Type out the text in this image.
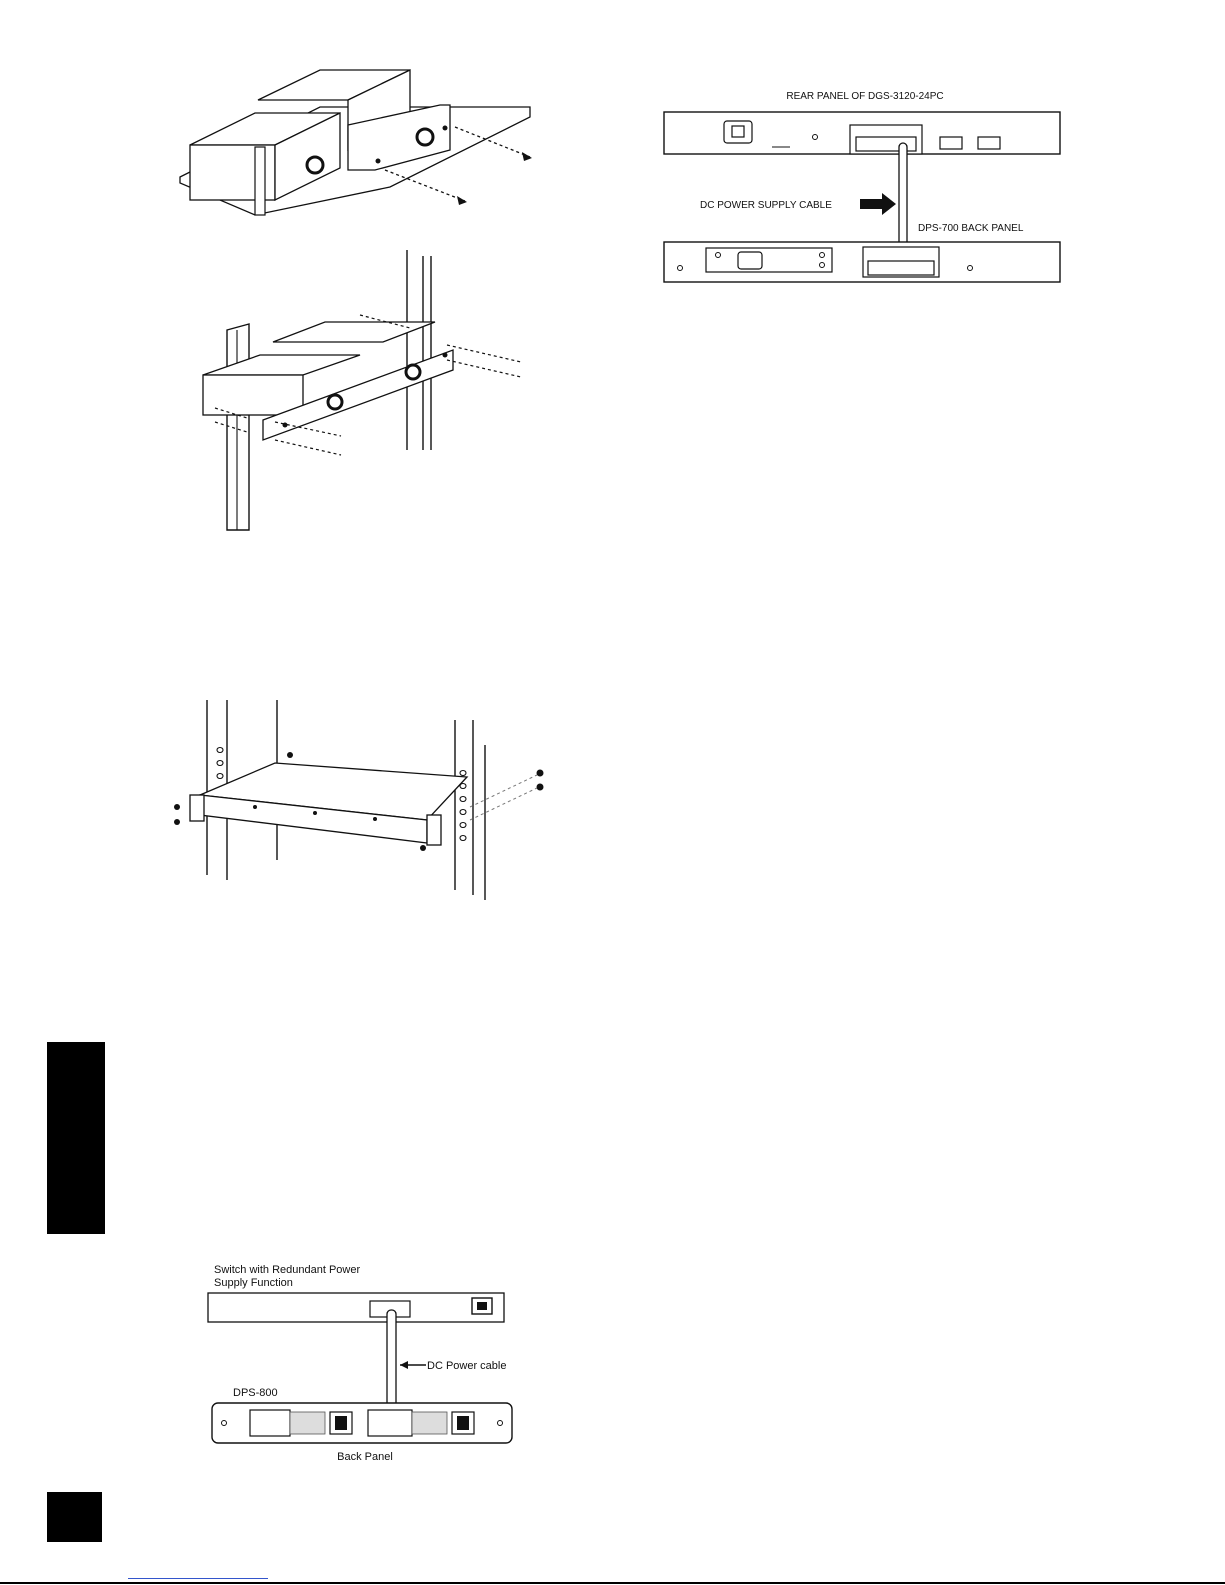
REAR PANEL OF DGS-3120-24PC
DC POWER SUPPLY CABLE
DPS-700 BACK PANEL
Switch with Redundant Power
Supply Function
DC Power cable
DPS-800
Back Panel
